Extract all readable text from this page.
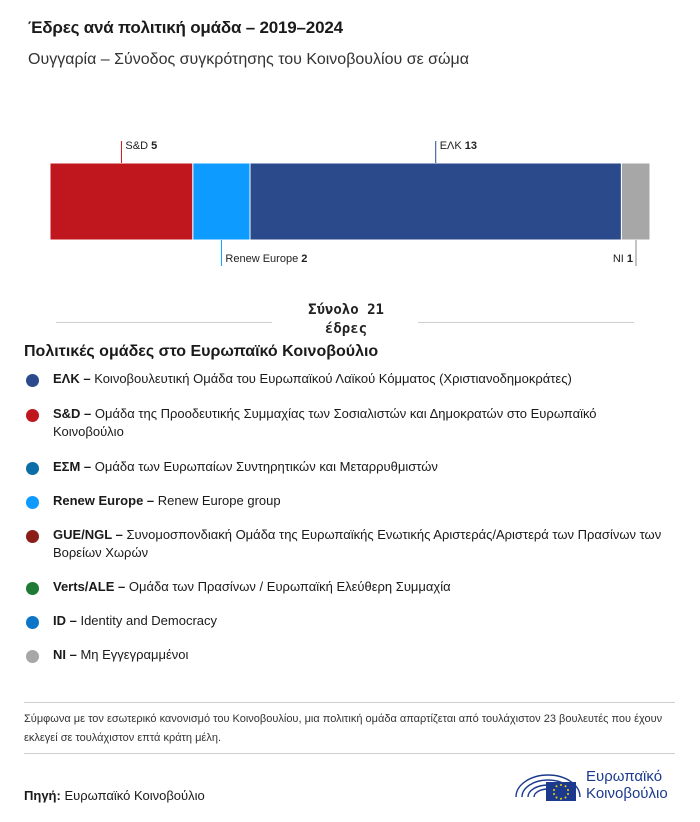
Έδρες ανά πολιτική ομάδα – 2019–2024
Ουγγαρία – Σύνοδος συγκρότησης του Κοινοβουλίου σε σώμα
S&D 5
Renew Europe 2
ΕΛΚ 13
NI 1
Σύνολο 21
έδρες
Πολιτικές ομάδες στο Ευρωπαϊκό Κοινοβούλιο
ΕΛΚ – Κοινοβουλευτική Ομάδα του Ευρωπαϊκού Λαϊκού Κόμματος (Χριστιανοδημοκράτες)
S&D – Ομάδα της Προοδευτικής Συμμαχίας των Σοσιαλιστών και Δημοκρατών στο Ευρωπαϊκό Κοινοβούλιο
ΕΣΜ – Ομάδα των Ευρωπαίων Συντηρητικών και Μεταρρυθμιστών
Renew Europe – Renew Europe group
GUE/NGL – Συνομοσπονδιακή Ομάδα της Ευρωπαϊκής Ενωτικής Αριστεράς/Αριστερά των Πρασίνων των Βορείων Χωρών
Verts/ALE – Ομάδα των Πρασίνων / Ευρωπαϊκή Ελεύθερη Συμμαχία
ID – Identity and Democracy
NI – Μη Εγγεγραμμένοι
Σύμφωνα με τον εσωτερικό κανονισμό του Κοινοβουλίου, μια πολιτική ομάδα απαρτίζεται από τουλάχιστον 23 βουλευτές που έχουν εκλεγεί σε τουλάχιστον επτά κράτη μέλη.
Πηγή: Ευρωπαϊκό Κοινοβούλιο
Ευρωπαϊκό
Κοινοβούλιο
